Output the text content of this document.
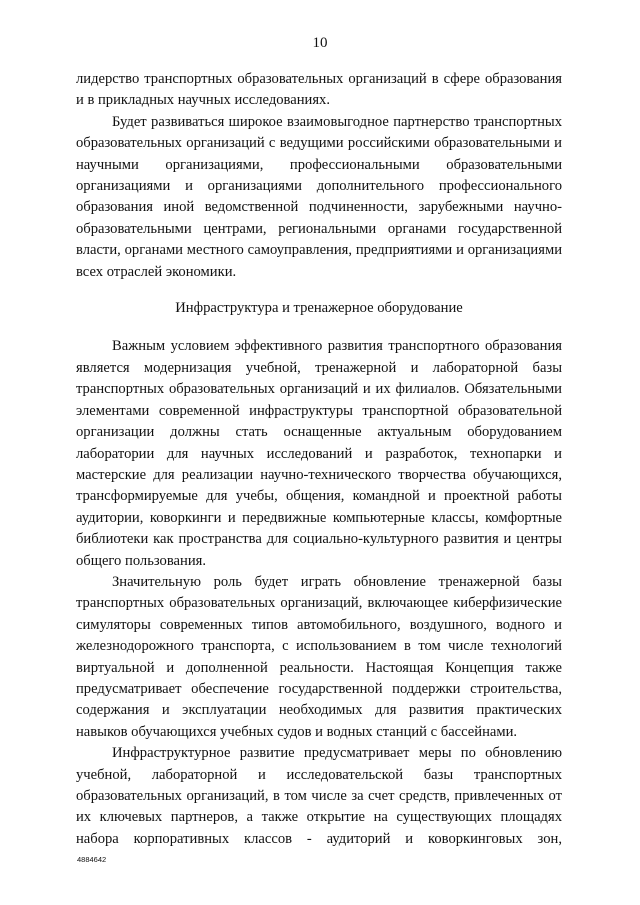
10

лидерство транспортных образовательных организаций в сфере образования и в прикладных научных исследованиях.

Будет развиваться широкое взаимовыгодное партнерство транспортных образовательных организаций с ведущими российскими образовательными и научными организациями, профессиональными образовательными организациями и организациями дополнительного профессионального образования иной ведомственной подчиненности, зарубежными научно-образовательными центрами, региональными органами государственной власти, органами местного самоуправления, предприятиями и организациями всех отраслей экономики.

Инфраструктура и тренажерное оборудование

Важным условием эффективного развития транспортного образования является модернизация учебной, тренажерной и лабораторной базы транспортных образовательных организаций и их филиалов. Обязательными элементами современной инфраструктуры транспортной образовательной организации должны стать оснащенные актуальным оборудованием лаборатории для научных исследований и разработок, технопарки и мастерские для реализации научно-технического творчества обучающихся, трансформируемые для учебы, общения, командной и проектной работы аудитории, коворкинги и передвижные компьютерные классы, комфортные библиотеки как пространства для социально-культурного развития и центры общего пользования.

Значительную роль будет играть обновление тренажерной базы транспортных образовательных организаций, включающее киберфизические симуляторы современных типов автомобильного, воздушного, водного и железнодорожного транспорта, с использованием в том числе технологий виртуальной и дополненной реальности. Настоящая Концепция также предусматривает обеспечение государственной поддержки строительства, содержания и эксплуатации необходимых для развития практических навыков обучающихся учебных судов и водных станций с бассейнами.

Инфраструктурное развитие предусматривает меры по обновлению учебной, лабораторной и исследовательской базы транспортных образовательных организаций, в том числе за счет средств, привлеченных от их ключевых партнеров, а также открытие на существующих площадях набора корпоративных классов - аудиторий и коворкинговых зон,

4884642
